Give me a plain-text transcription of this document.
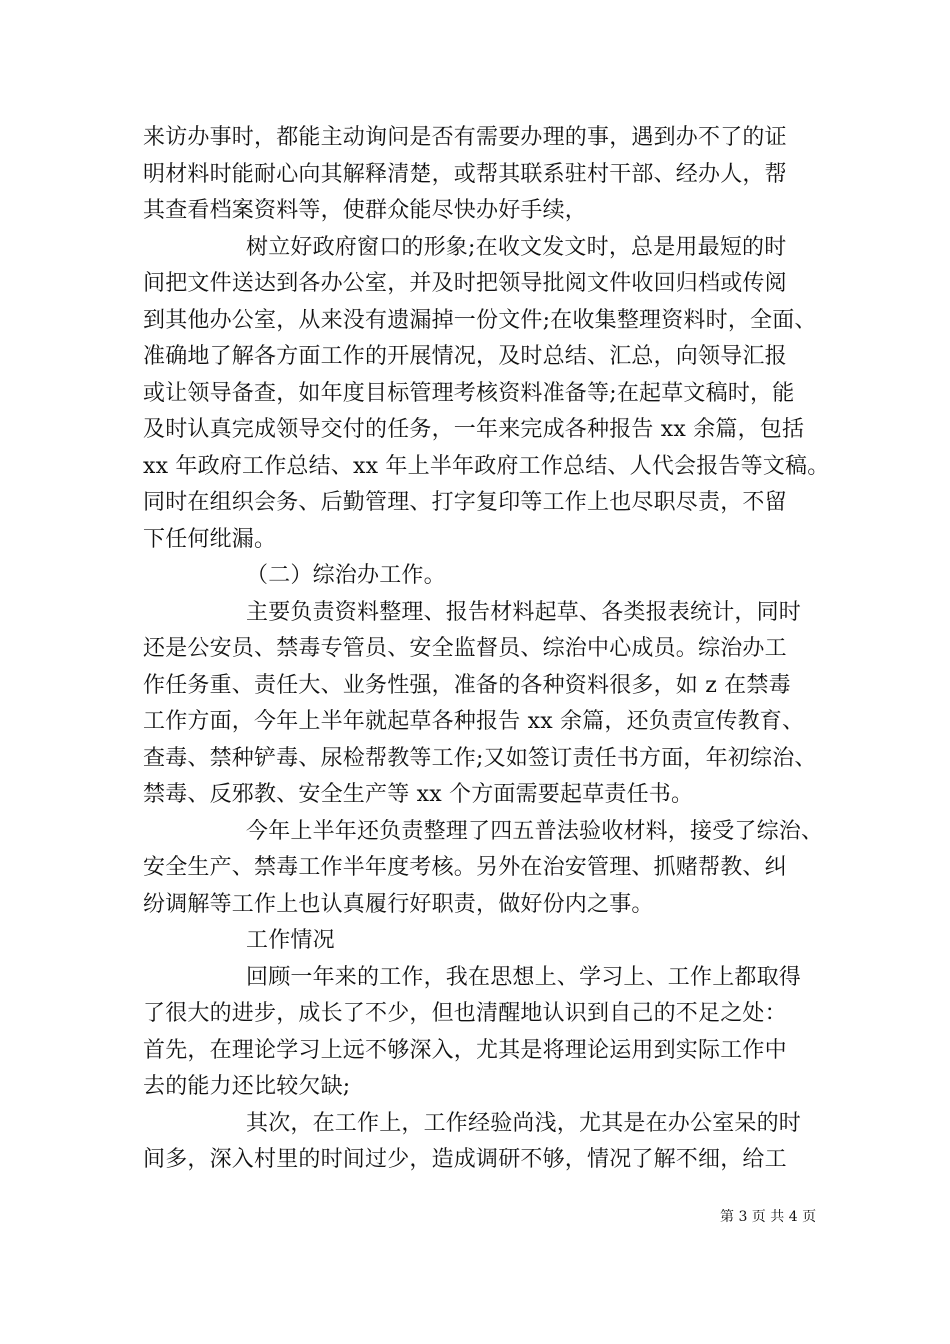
来访办事时，都能主动询问是否有需要办理的事，遇到办不了的证
明材料时能耐心向其解释清楚，或帮其联系驻村干部、经办人，帮
其查看档案资料等，使群众能尽快办好手续，
树立好政府窗口的形象;在收文发文时，总是用最短的时
间把文件送达到各办公室，并及时把领导批阅文件收回归档或传阅
到其他办公室，从来没有遗漏掉一份文件;在收集整理资料时，全面、
准确地了解各方面工作的开展情况，及时总结、汇总，向领导汇报
或让领导备查，如年度目标管理考核资料准备等;在起草文稿时，能
及时认真完成领导交付的任务，一年来完成各种报告 xx 余篇，包括
xx 年政府工作总结、xx 年上半年政府工作总结、人代会报告等文稿。
同时在组织会务、后勤管理、打字复印等工作上也尽职尽责，不留
下任何纰漏。
（二）综治办工作。
主要负责资料整理、报告材料起草、各类报表统计，同时
还是公安员、禁毒专管员、安全监督员、综治中心成员。综治办工
作任务重、责任大、业务性强，准备的各种资料很多，如 z 在禁毒
工作方面，今年上半年就起草各种报告 xx 余篇，还负责宣传教育、
查毒、禁种铲毒、尿检帮教等工作;又如签订责任书方面，年初综治、
禁毒、反邪教、安全生产等 xx 个方面需要起草责任书。
今年上半年还负责整理了四五普法验收材料，接受了综治、
安全生产、禁毒工作半年度考核。另外在治安管理、抓赌帮教、纠
纷调解等工作上也认真履行好职责，做好份内之事。
工作情况
回顾一年来的工作，我在思想上、学习上、工作上都取得
了很大的进步，成长了不少，但也清醒地认识到自己的不足之处：
首先，在理论学习上远不够深入，尤其是将理论运用到实际工作中
去的能力还比较欠缺;
其次，在工作上，工作经验尚浅，尤其是在办公室呆的时
间多，深入村里的时间过少，造成调研不够，情况了解不细，给工
第 3 页 共 4 页
